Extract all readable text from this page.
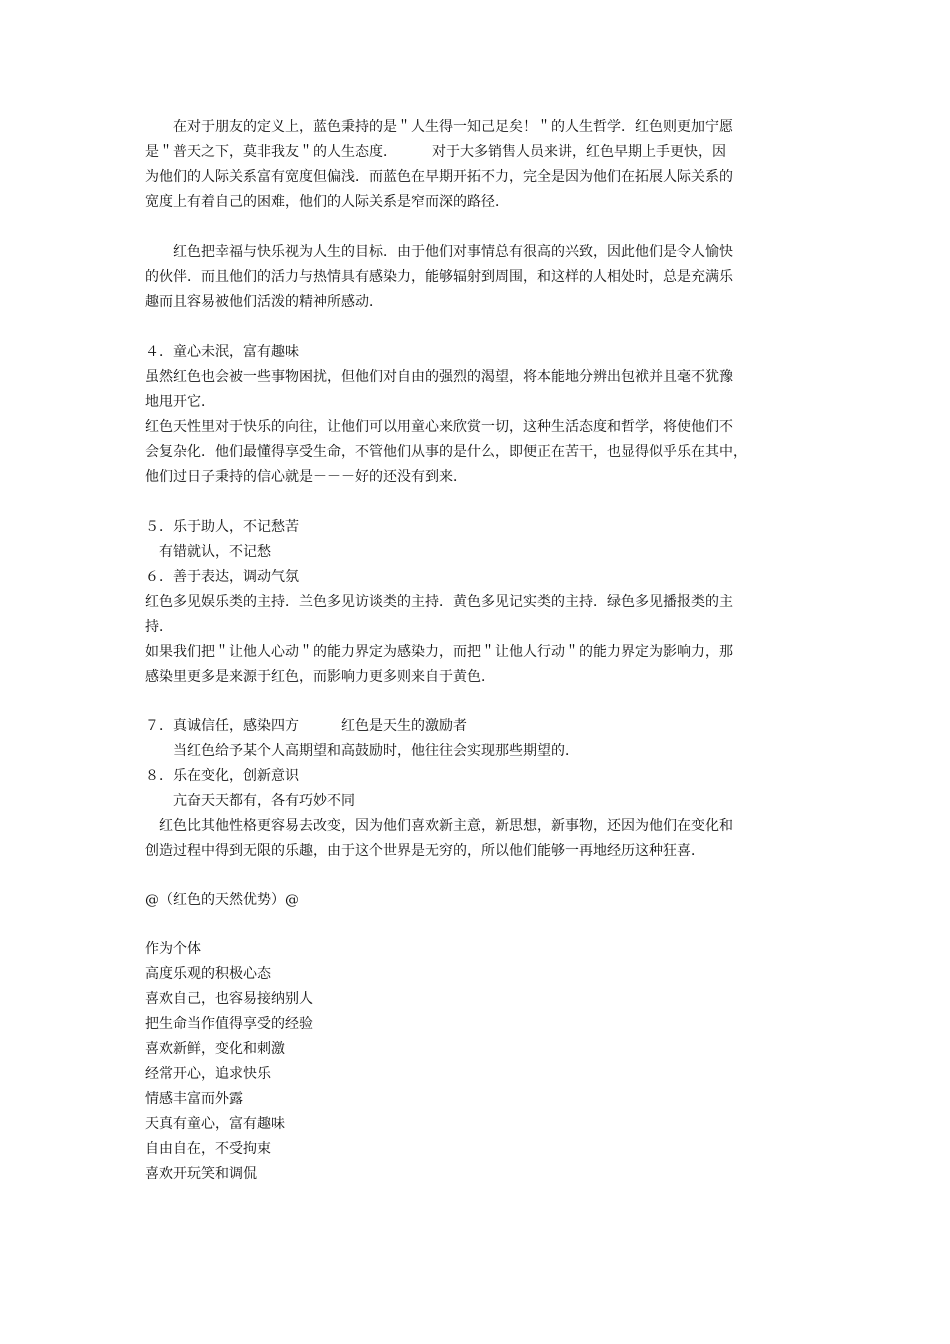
　　在对于朋友的定义上，蓝色秉持的是＂人生得一知己足矣！＂的人生哲学．红色则更加宁愿
是＂普天之下，莫非我友＂的人生态度．　　　对于大多销售人员来讲，红色早期上手更快，因
为他们的人际关系富有宽度但偏浅．而蓝色在早期开拓不力，完全是因为他们在拓展人际关系的
宽度上有着自己的困难，他们的人际关系是窄而深的路径．
　　红色把幸福与快乐视为人生的目标．由于他们对事情总有很高的兴致，因此他们是令人愉快
的伙伴．而且他们的活力与热情具有感染力，能够辐射到周围，和这样的人相处时，总是充满乐
趣而且容易被他们活泼的精神所感动．
４．童心未泯，富有趣味
虽然红色也会被一些事物困扰，但他们对自由的强烈的渴望，将本能地分辨出包袱并且毫不犹豫
地甩开它．
红色天性里对于快乐的向往，让他们可以用童心来欣赏一切，这种生活态度和哲学，将使他们不
会复杂化．他们最懂得享受生命，不管他们从事的是什么，即便正在苦干，也显得似乎乐在其中，
他们过日子秉持的信心就是－－－好的还没有到来．
５．乐于助人，不记愁苦
　有错就认，不记愁
６．善于表达，调动气氛
红色多见娱乐类的主持．兰色多见访谈类的主持．黄色多见记实类的主持．绿色多见播报类的主
持．
如果我们把＂让他人心动＂的能力界定为感染力，而把＂让他人行动＂的能力界定为影响力，那
感染里更多是来源于红色，而影响力更多则来自于黄色．
７．真诚信任，感染四方　　　红色是天生的激励者
　　当红色给予某个人高期望和高鼓励时，他往往会实现那些期望的．
８．乐在变化，创新意识
　　亢奋天天都有，各有巧妙不同
　红色比其他性格更容易去改变，因为他们喜欢新主意，新思想，新事物，还因为他们在变化和
创造过程中得到无限的乐趣，由于这个世界是无穷的，所以他们能够一再地经历这种狂喜．
@（红色的天然优势）@
作为个体
高度乐观的积极心态
喜欢自己，也容易接纳别人
把生命当作值得享受的经验
喜欢新鲜，变化和刺激
经常开心，追求快乐
情感丰富而外露
天真有童心，富有趣味
自由自在，不受拘束
喜欢开玩笑和调侃
